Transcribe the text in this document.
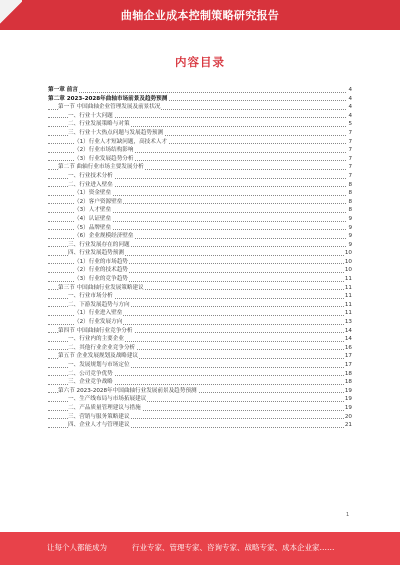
曲轴企业成本控制策略研究报告
内容目录
第一章 前言	4
第二章 2023-2028年曲轴市场前景及趋势预测	4
第一节 中国曲轴企业管理发展及前景状况	4
一、行业十大问题	4
二、行业发展策略与对策	5
三、行业十大热点问题与发展趋势预测	7
（1）行业人才短缺问题，高技术人才	7
（2）行业市场结构影响	7
（3）行业发展趋势分析	7
第二节 曲轴行业市场主要发展分析	7
一、行业技术分析	7
二、行业进入壁垒	8
（1）资金壁垒	8
（2）客户资源壁垒	8
（3）人才壁垒	8
（4）认证壁垒	9
（5）品牌壁垒	9
（6）企业规模经济壁垒	9
三、行业发展存在的问题	9
四、行业发展趋势预测	10
（1）行业的市场趋势	10
（2）行业的技术趋势	10
（3）行业的竞争趋势	11
第三节 中国曲轴行业发展策略建议	11
一、行业市场分析	11
二、下游发展趋势与方向	11
（1）行业进入壁垒	11
（2）行业发展方向	13
第四节 中国曲轴行业竞争分析	14
一、行业内的主要企业	14
二、其他行业企业竞争分析	16
第五节 企业发展规划及战略建议	17
一、发展规划与市场定位	17
二、公司竞争优势	18
三、企业竞争战略	18
第六节 2023-2028年中国曲轴行业发展前景及趋势预测	19
一、生产线布局与市场拓展建议	19
二、产品质量管理建议与措施	19
三、营销与服务策略建议	20
四、企业人才与管理建议	21
让每个人都能成为	行业专家、管理专家、咨询专家、战略专家、成本企业家……
1
